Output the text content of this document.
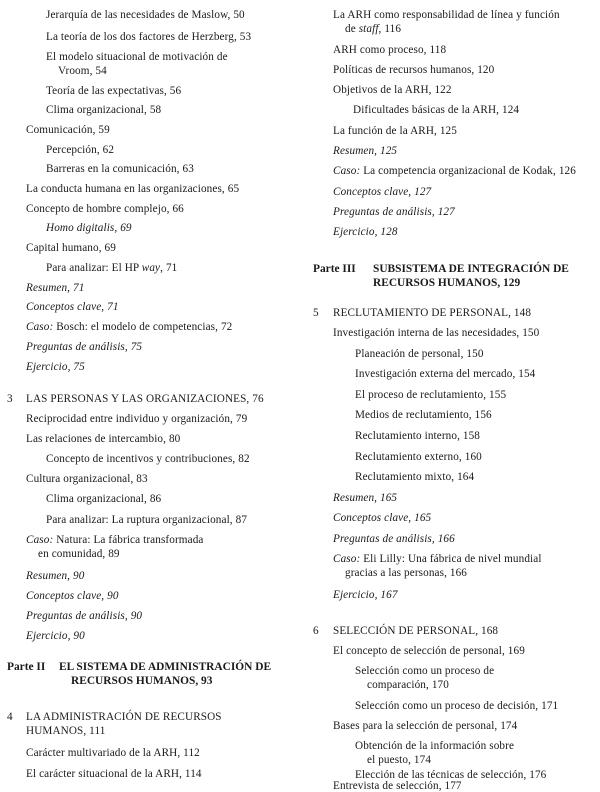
Jerarquía de las necesidades de Maslow, 50

La teoría de los dos factores de Herzberg, 53

El modelo situacional de motivación de
Vroom, 54

Teoría de las expectativas, 56

Clima organizacional, 58

Comunicación, 59

Percepción, 62

Barreras en la comunicación, 63

La conducta humana en las organizaciones, 65

Concepto de hombre complejo, 66

Homo digitalis, 69

Capital humano, 69

Para analizar: El HP way, 71

Resumen, 71

Conceptos clave, 71

Caso: Bosch: el modelo de competencias, 72

Preguntas de análisis, 75

Ejercicio, 75

3 LAS PERSONAS Y LAS ORGANIZACIONES, 76

Reciprocidad entre individuo y organización, 79

Las relaciones de intercambio, 80

Concepto de incentivos y contribuciones, 82

Cultura organizacional, 83

Clima organizacional, 86

Para analizar: La ruptura organizacional, 87

Caso: Natura: La fábrica transformada
en comunidad, 89

Resumen, 90

Conceptos clave, 90

Preguntas de análisis, 90

Ejercicio, 90

Parte II EL SISTEMA DE ADMINISTRACIÓN DE
RECURSOS HUMANOS, 93
4 LA ADMINISTRACIÓN DE RECURSOS
HUMANOS, 111

Carácter multivariado de la ARH, 112

El carácter situacional de la ARH, 114

La ARH como responsabilidad de línea y función
de staff, 116

ARH como proceso, 118

Políticas de recursos humanos, 120

Objetivos de la ARH, 122

Dificultades básicas de la ARH, 124

La función de la ARH, 125

Resumen, 125

Caso: La competencia organizacional de Kodak, 126

Conceptos clave, 127

Preguntas de análisis, 127

Ejercicio, 128

Parte III SUBSISTEMA DE INTEGRACIÓN DE
RECURSOS HUMANOS, 129
5 RECLUTAMIENTO DE PERSONAL, 148

Investigación interna de las necesidades, 150

Planeación de personal, 150

Investigación externa del mercado, 154

El proceso de reclutamiento, 155

Medios de reclutamiento, 156

Reclutamiento interno, 158

Reclutamiento externo, 160

Reclutamiento mixto, 164

Resumen, 165

Conceptos clave, 165

Preguntas de análisis, 166

Caso: Eli Lilly: Una fábrica de nivel mundial
gracias a las personas, 166

Ejercicio, 167

6 SELECCIÓN DE PERSONAL, 168

El concepto de selección de personal, 169

Selección como un proceso de
comparación, 170

Selección como un proceso de decisión, 171

Bases para la selección de personal, 174

Obtención de la información sobre
el puesto, 174

Elección de las técnicas de selección, 176

Entrevista de selección, 177
